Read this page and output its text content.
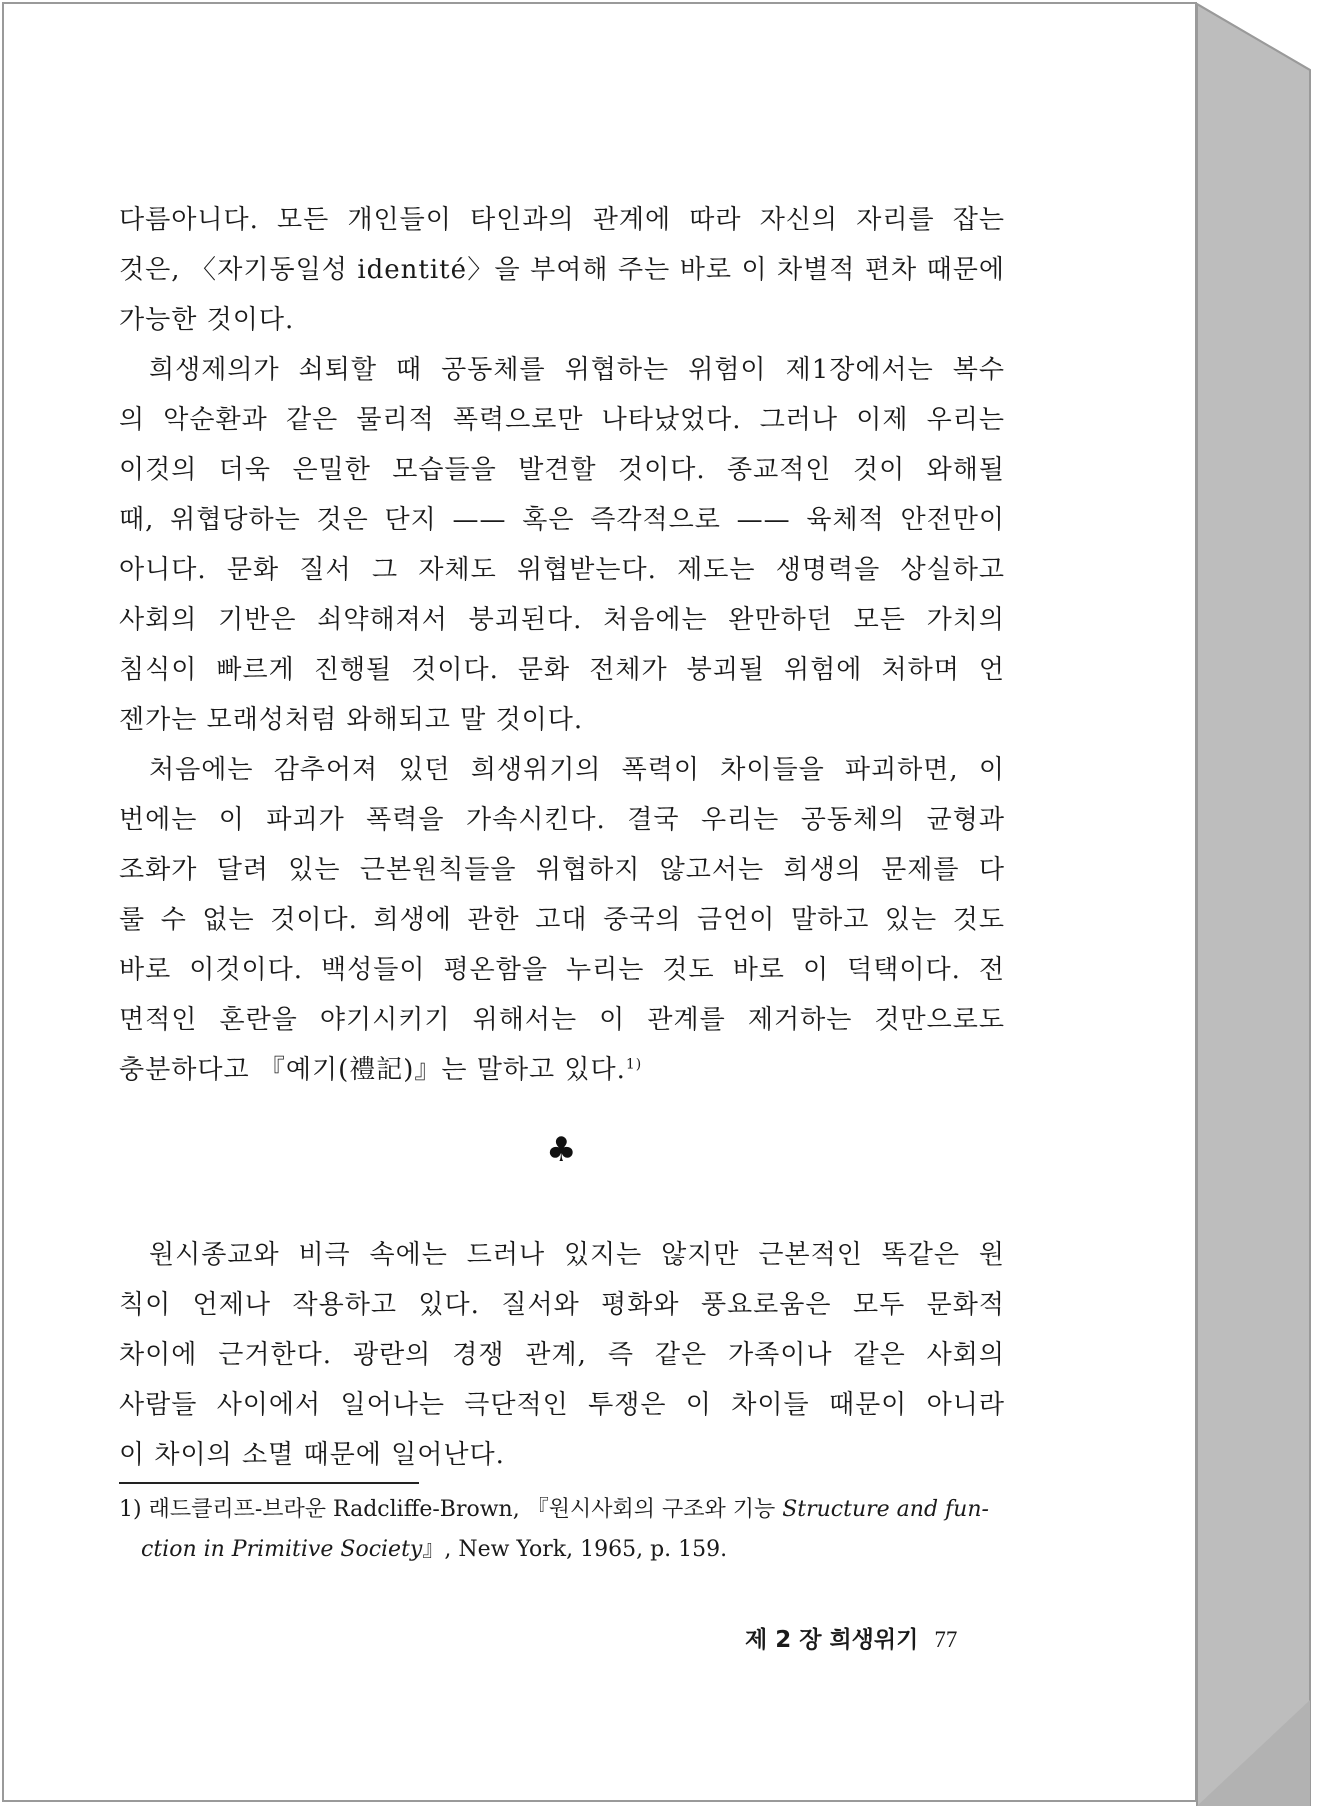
다름아니다. 모든 개인들이 타인과의 관계에 따라 자신의 자리를 잡는
것은, 〈자기동일성 identité〉을 부여해 주는 바로 이 차별적 편차 때문에
가능한 것이다.
희생제의가 쇠퇴할 때 공동체를 위협하는 위험이 제1장에서는 복수
의 악순환과 같은 물리적 폭력으로만 나타났었다. 그러나 이제 우리는
이것의 더욱 은밀한 모습들을 발견할 것이다. 종교적인 것이 와해될
때, 위협당하는 것은 단지 —— 혹은 즉각적으로 —— 육체적 안전만이
아니다. 문화 질서 그 자체도 위협받는다. 제도는 생명력을 상실하고
사회의 기반은 쇠약해져서 붕괴된다. 처음에는 완만하던 모든 가치의
침식이 빠르게 진행될 것이다. 문화 전체가 붕괴될 위험에 처하며 언
젠가는 모래성처럼 와해되고 말 것이다.
처음에는 감추어져 있던 희생위기의 폭력이 차이들을 파괴하면, 이
번에는 이 파괴가 폭력을 가속시킨다. 결국 우리는 공동체의 균형과
조화가 달려 있는 근본원칙들을 위협하지 않고서는 희생의 문제를 다
룰 수 없는 것이다. 희생에 관한 고대 중국의 금언이 말하고 있는 것도
바로 이것이다. 백성들이 평온함을 누리는 것도 바로 이 덕택이다. 전
면적인 혼란을 야기시키기 위해서는 이 관계를 제거하는 것만으로도
충분하다고 『예기(禮記)』는 말하고 있다.$^{1)}$
♣
원시종교와 비극 속에는 드러나 있지는 않지만 근본적인 똑같은 원
칙이 언제나 작용하고 있다. 질서와 평화와 풍요로움은 모두 문화적
차이에 근거한다. 광란의 경쟁 관계, 즉 같은 가족이나 같은 사회의
사람들 사이에서 일어나는 극단적인 투쟁은 이 차이들 때문이 아니라
이 차이의 소멸 때문에 일어난다.
1) 래드클리프-브라운 Radcliffe-Brown, 『원시사회의 구조와 기능 Structure and fun-
ction in Primitive Society』, New York, 1965, p. 159.
제 2 장 희생위기 77
